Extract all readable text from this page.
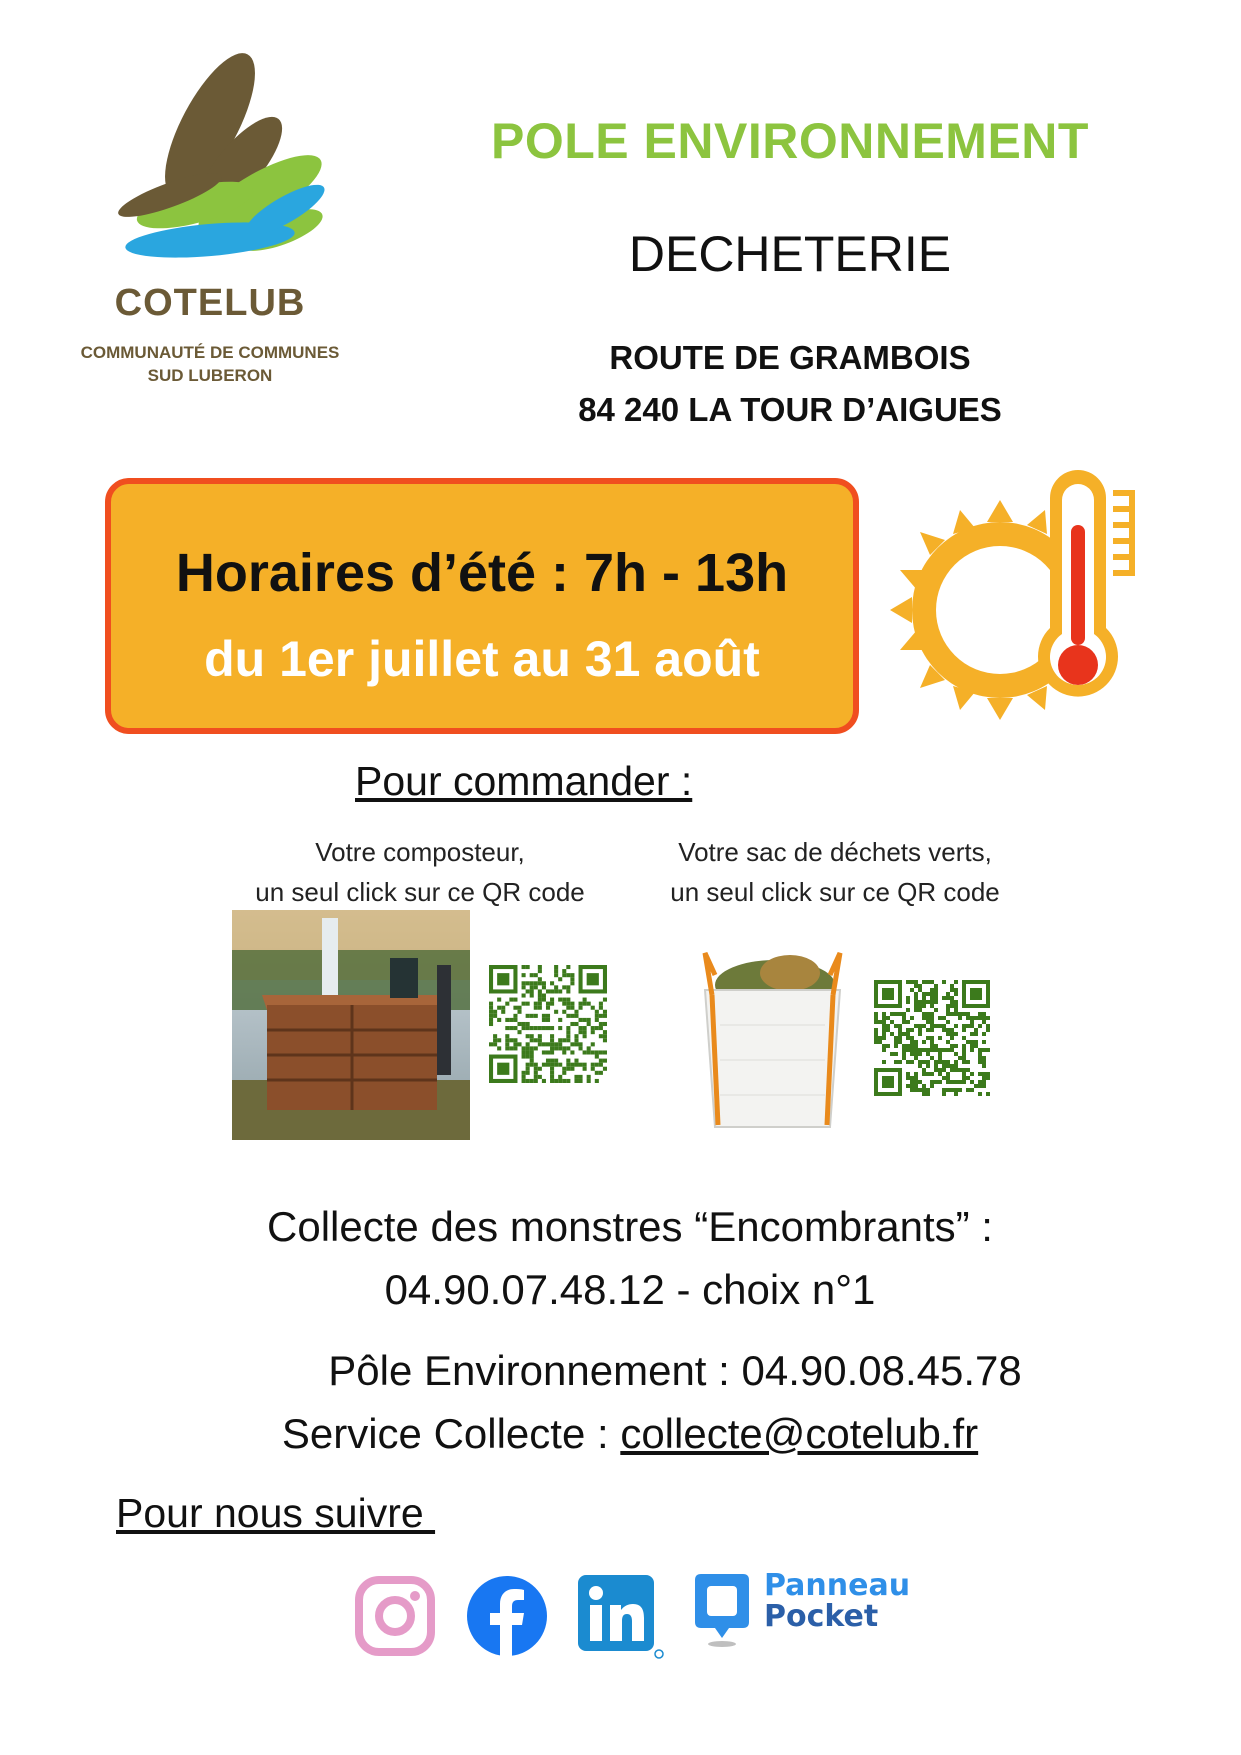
COTELUB
COMMUNAUTÉ DE COMMUNES
SUD LUBERON
POLE ENVIRONNEMENT
DECHETERIE
ROUTE DE GRAMBOIS
84 240 LA TOUR D’AIGUES
Horaires d’été : 7h - 13h
du 1er juillet au 31 août
Pour commander :
Votre composteur,
un seul click sur ce QR code
Votre sac de déchets verts,
un seul click sur ce QR code
Collecte des monstres “Encombrants” :
04.90.07.48.12 - choix n°1
Pôle Environnement : 04.90.08.45.78
Service Collecte : collecte@cotelub.fr
Pour nous suivre
Panneau
Pocket
